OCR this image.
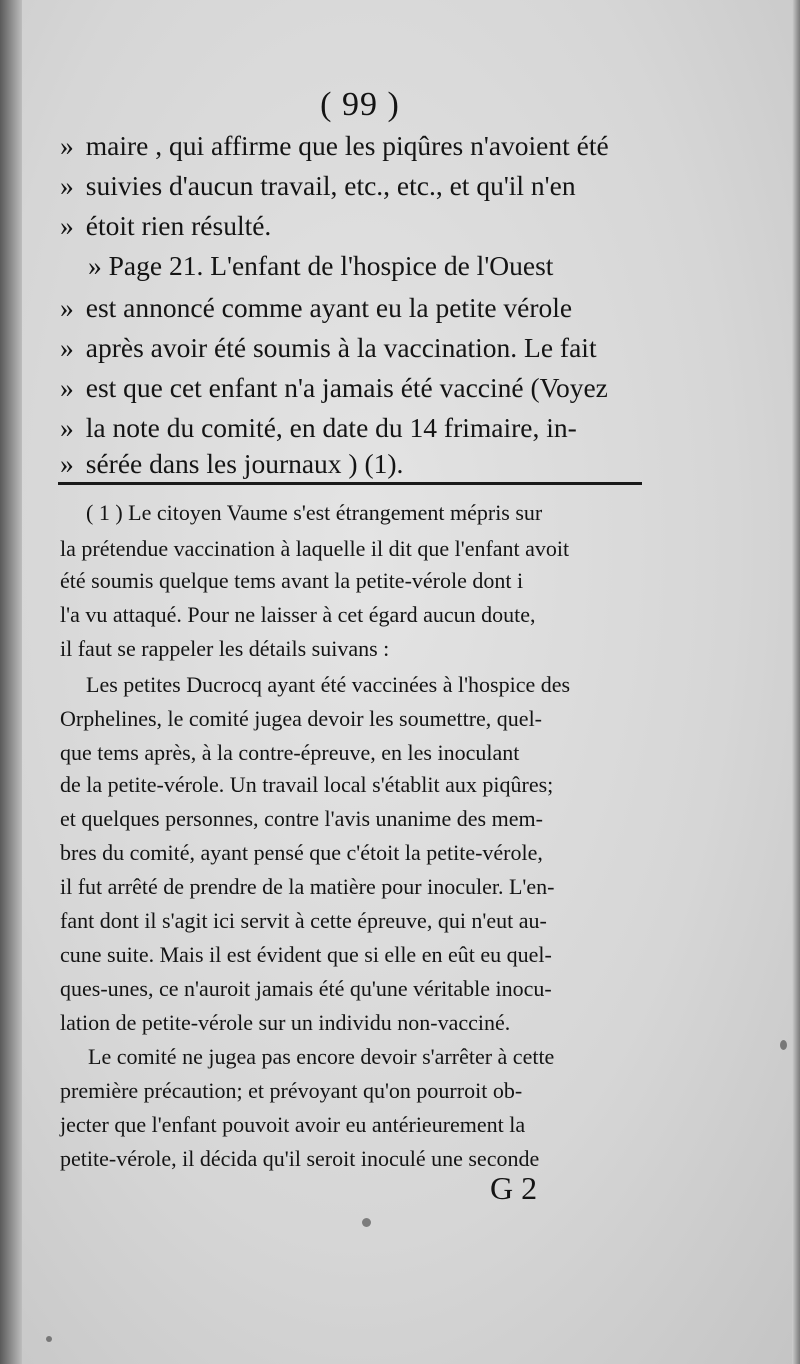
( 99 )
» maire , qui affirme que les piqûres n'avoient été
» suivies d'aucun travail, etc., etc., et qu'il n'en
» étoit rien résulté.
» Page 21. L'enfant de l'hospice de l'Ouest
» est annoncé comme ayant eu la petite vérole
» après avoir été soumis à la vaccination. Le fait
» est que cet enfant n'a jamais été vacciné (Voyez
» la note du comité, en date du 14 frimaire, in-
» sérée dans les journaux ) (1).
( 1 ) Le citoyen Vaume s'est étrangement mépris sur
la prétendue vaccination à laquelle il dit que l'enfant avoit
été soumis quelque tems avant la petite-vérole dont i
l'a vu attaqué. Pour ne laisser à cet égard aucun doute,
il faut se rappeler les détails suivans :
Les petites Ducrocq ayant été vaccinées à l'hospice des
Orphelines, le comité jugea devoir les soumettre, quel-
que tems après, à la contre-épreuve, en les inoculant
de la petite-vérole. Un travail local s'établit aux piqûres;
et quelques personnes, contre l'avis unanime des mem-
bres du comité, ayant pensé que c'étoit la petite-vérole,
il fut arrêté de prendre de la matière pour inoculer. L'en-
fant dont il s'agit ici servit à cette épreuve, qui n'eut au-
cune suite. Mais il est évident que si elle en eût eu quel-
ques-unes, ce n'auroit jamais été qu'une véritable inocu-
lation de petite-vérole sur un individu non-vacciné.
Le comité ne jugea pas encore devoir s'arrêter à cette
première précaution; et prévoyant qu'on pourroit ob-
jecter que l'enfant pouvoit avoir eu antérieurement la
petite-vérole, il décida qu'il seroit inoculé une seconde
G 2
